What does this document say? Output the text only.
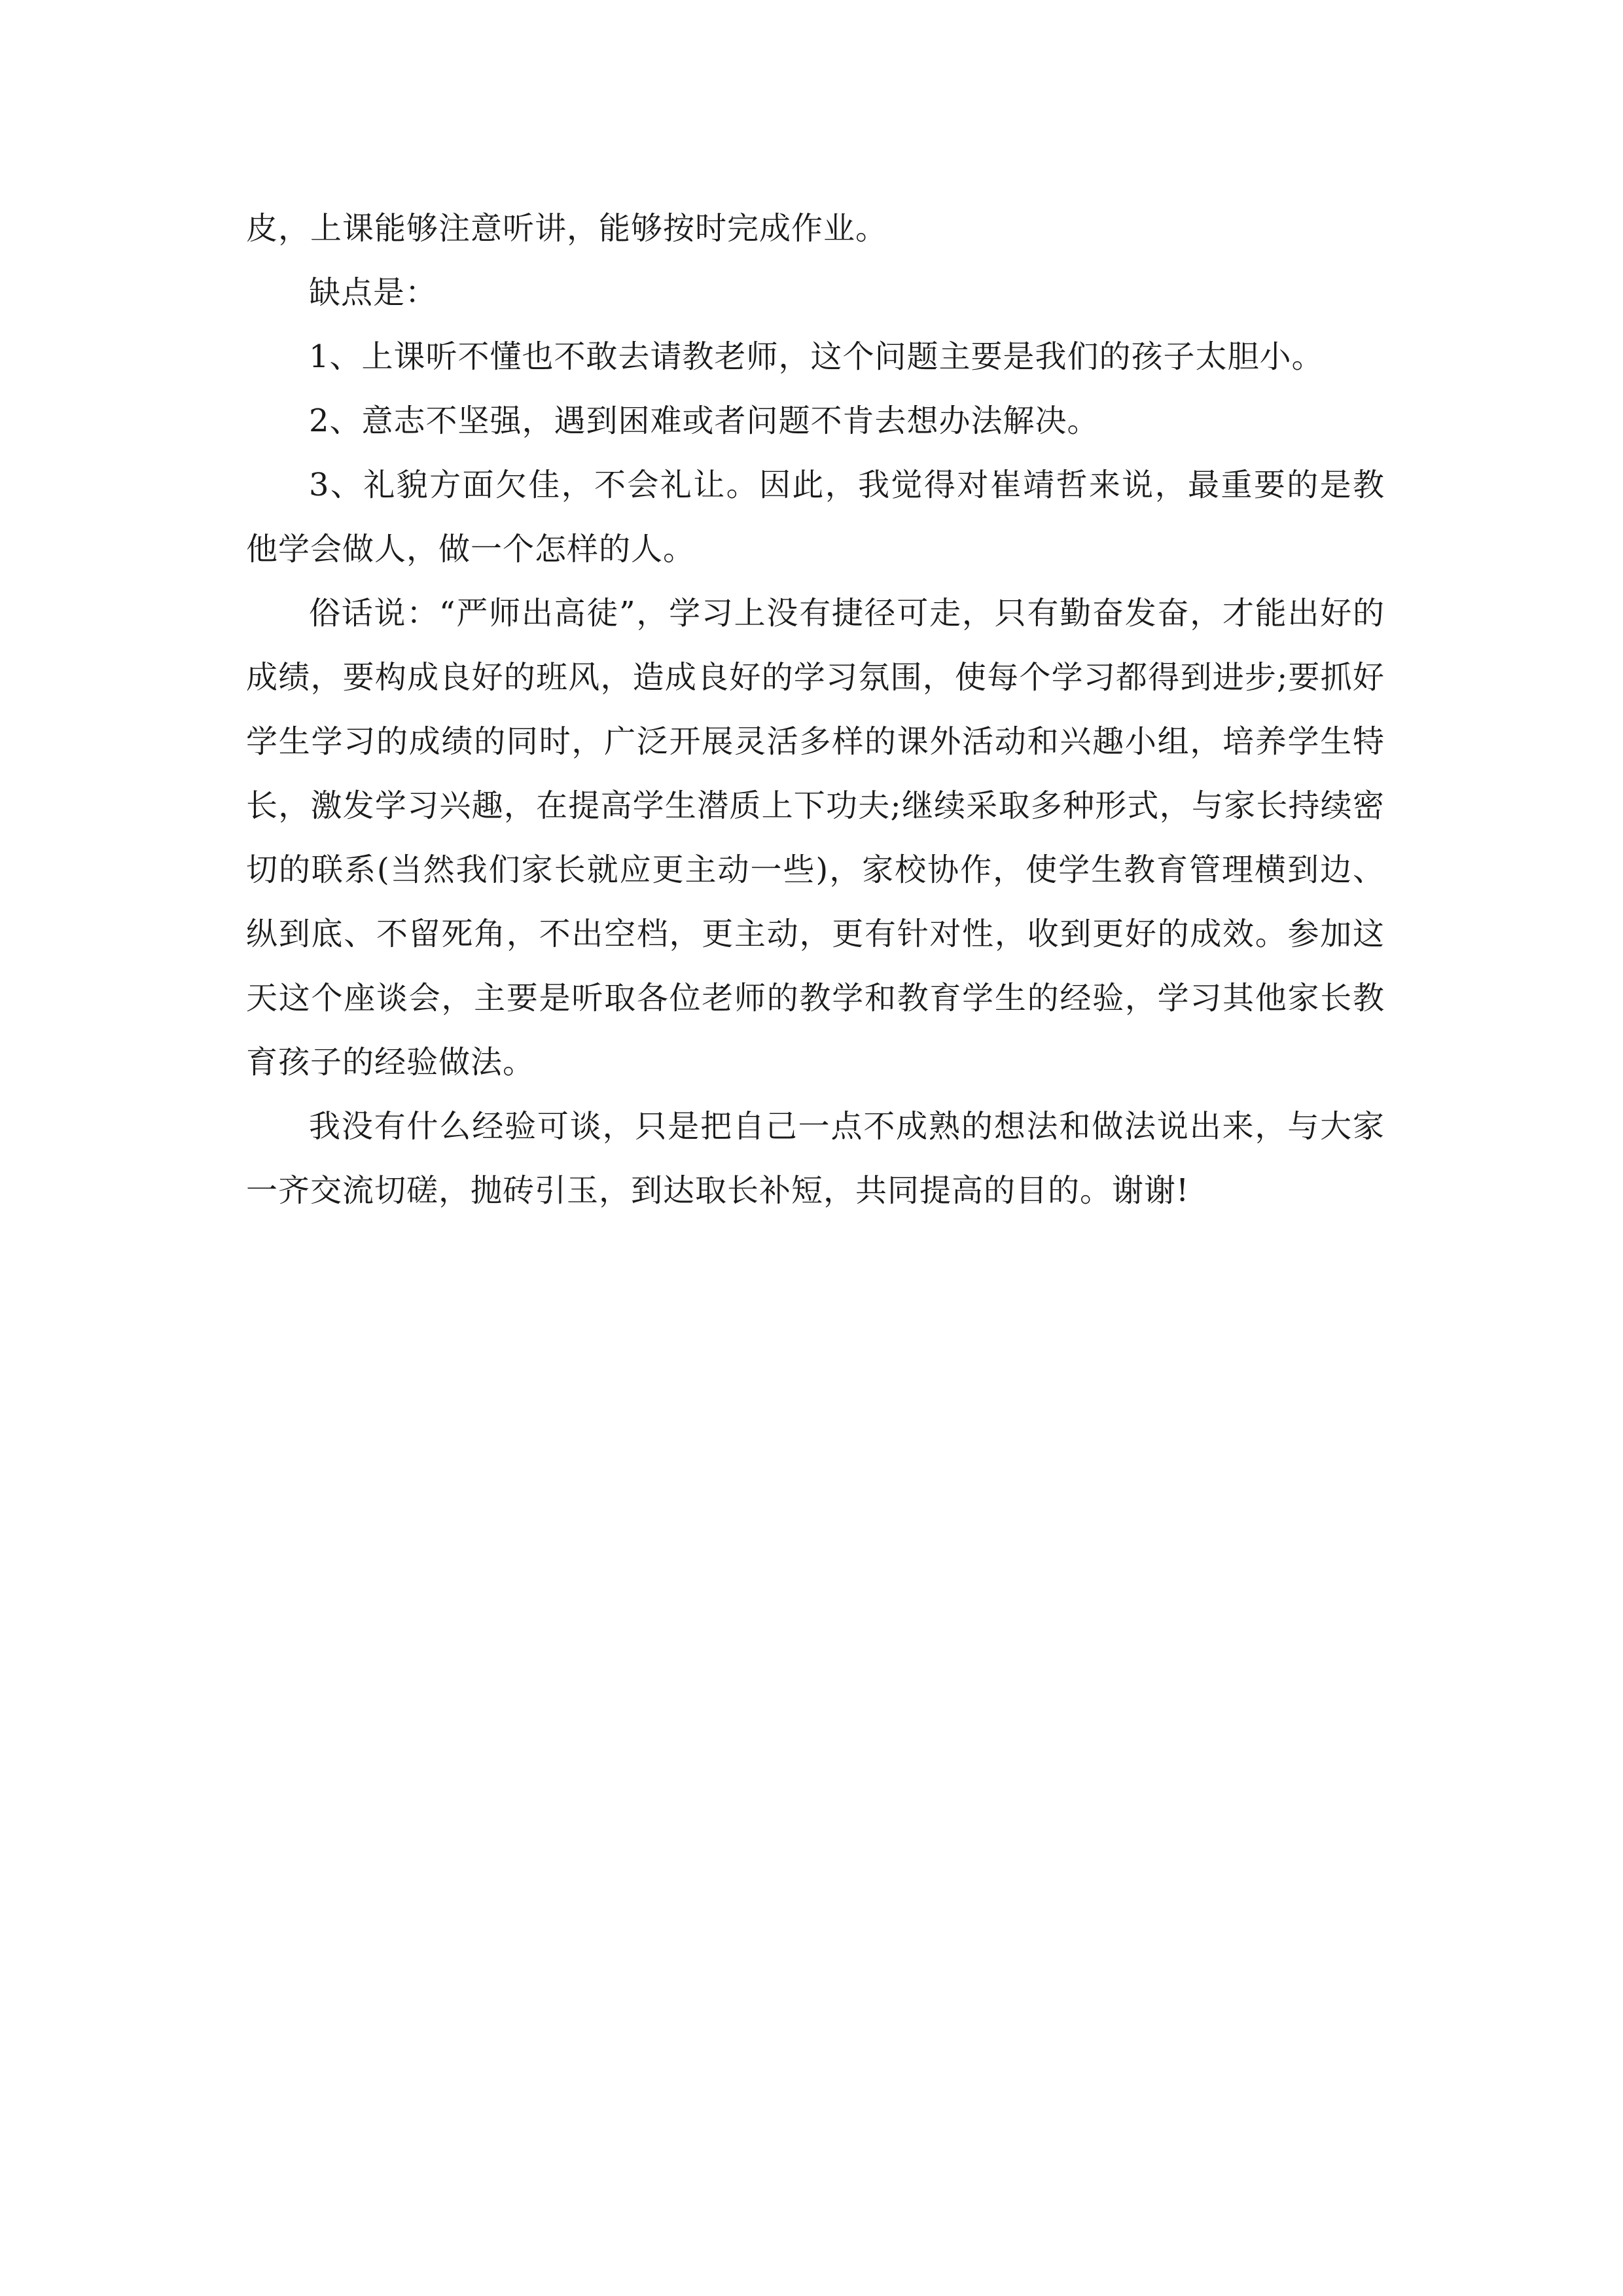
皮，上课能够注意听讲，能够按时完成作业。

缺点是：

1、上课听不懂也不敢去请教老师，这个问题主要是我们的孩子太胆小。

2、意志不坚强，遇到困难或者问题不肯去想办法解决。

3、礼貌方面欠佳，不会礼让。因此，我觉得对崔靖哲来说，最重要的是教他学会做人，做一个怎样的人。

俗话说：“严师出高徒”，学习上没有捷径可走，只有勤奋发奋，才能出好的成绩，要构成良好的班风，造成良好的学习氛围，使每个学习都得到进步;要抓好学生学习的成绩的同时，广泛开展灵活多样的课外活动和兴趣小组，培养学生特长，激发学习兴趣，在提高学生潜质上下功夫;继续采取多种形式，与家长持续密切的联系(当然我们家长就应更主动一些)，家校协作，使学生教育管理横到边、纵到底、不留死角，不出空档，更主动，更有针对性，收到更好的成效。参加这天这个座谈会，主要是听取各位老师的教学和教育学生的经验，学习其他家长教育孩子的经验做法。

我没有什么经验可谈，只是把自己一点不成熟的想法和做法说出来，与大家一齐交流切磋，抛砖引玉，到达取长补短，共同提高的目的。谢谢!
